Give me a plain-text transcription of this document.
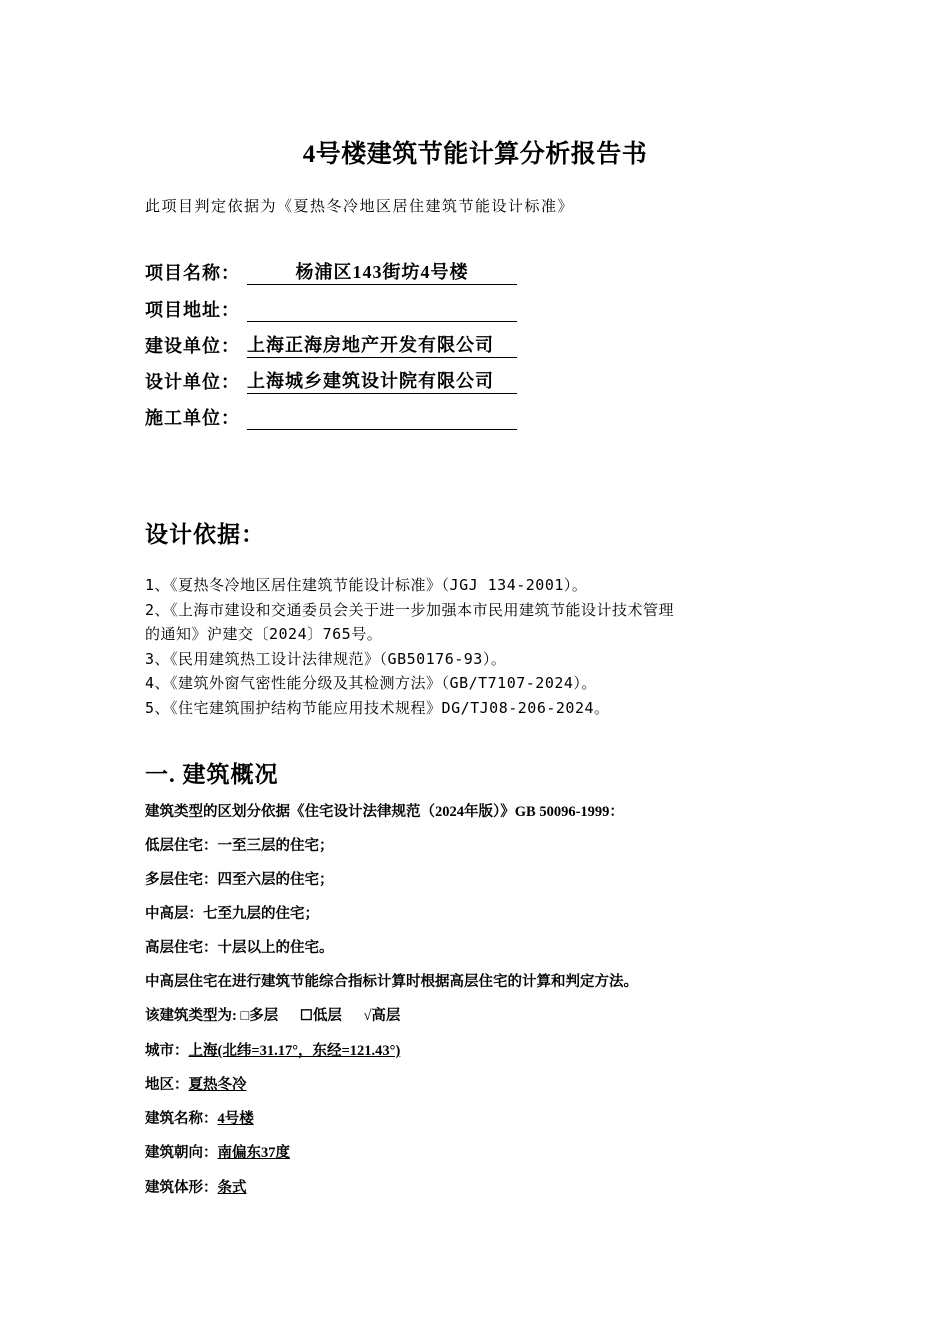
4号楼建筑节能计算分析报告书
此项目判定依据为《夏热冬冷地区居住建筑节能设计标准》
项目名称：	杨浦区143街坊4号楼
项目地址：
建设单位： 上海正海房地产开发有限公司
设计单位： 上海城乡建筑设计院有限公司
施工单位：
设计依据：
1、《夏热冬冷地区居住建筑节能设计标准》（JGJ 134-2001）。
2、《上海市建设和交通委员会关于进一步加强本市民用建筑节能设计技术管理
的通知》沪建交〔2024〕765号。
3、《民用建筑热工设计法律规范》（GB50176-93）。
4、《建筑外窗气密性能分级及其检测方法》（GB/T7107-2024）。
5、《住宅建筑围护结构节能应用技术规程》DG/TJ08-206-2024。
一. 建筑概况
建筑类型的区划分依据《住宅设计法律规范（2024年版）》GB 50096-1999：
低层住宅：一至三层的住宅；
多层住宅：四至六层的住宅；
中高层：七至九层的住宅；
高层住宅：十层以上的住宅。
中高层住宅在进行建筑节能综合指标计算时根据高层住宅的计算和判定方法。
该建筑类型为: □多层 ☐低层 √高层
城市：上海(北纬=31.17°，东经=121.43°)
地区：夏热冬冷
建筑名称：4号楼
建筑朝向：南偏东37度
建筑体形：条式
